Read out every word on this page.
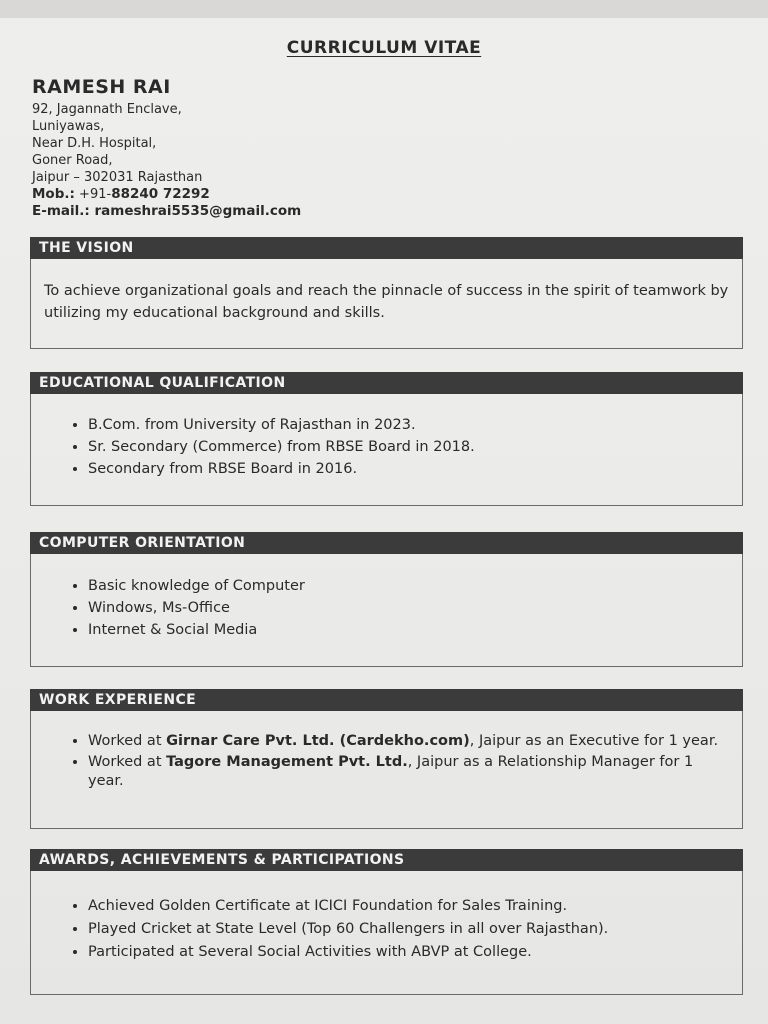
CURRICULUM VITAE
RAMESH RAI
92, Jagannath Enclave,
Luniyawas,
Near D.H. Hospital,
Goner Road,
Jaipur – 302031 Rajasthan
Mob.: +91-88240 72292
E-mail.: rameshrai5535@gmail.com
THE VISION
To achieve organizational goals and reach the pinnacle of success in the spirit of teamwork by utilizing my educational background and skills.
EDUCATIONAL QUALIFICATION
• B.Com. from University of Rajasthan in 2023.
• Sr. Secondary (Commerce) from RBSE Board in 2018.
• Secondary from RBSE Board in 2016.
COMPUTER ORIENTATION
• Basic knowledge of Computer
• Windows, Ms-Office
• Internet & Social Media
WORK EXPERIENCE
• Worked at Girnar Care Pvt. Ltd. (Cardekho.com), Jaipur as an Executive for 1 year.
• Worked at Tagore Management Pvt. Ltd., Jaipur as a Relationship Manager for 1 year.
AWARDS, ACHIEVEMENTS & PARTICIPATIONS
• Achieved Golden Certificate at ICICI Foundation for Sales Training.
• Played Cricket at State Level (Top 60 Challengers in all over Rajasthan).
• Participated at Several Social Activities with ABVP at College.
